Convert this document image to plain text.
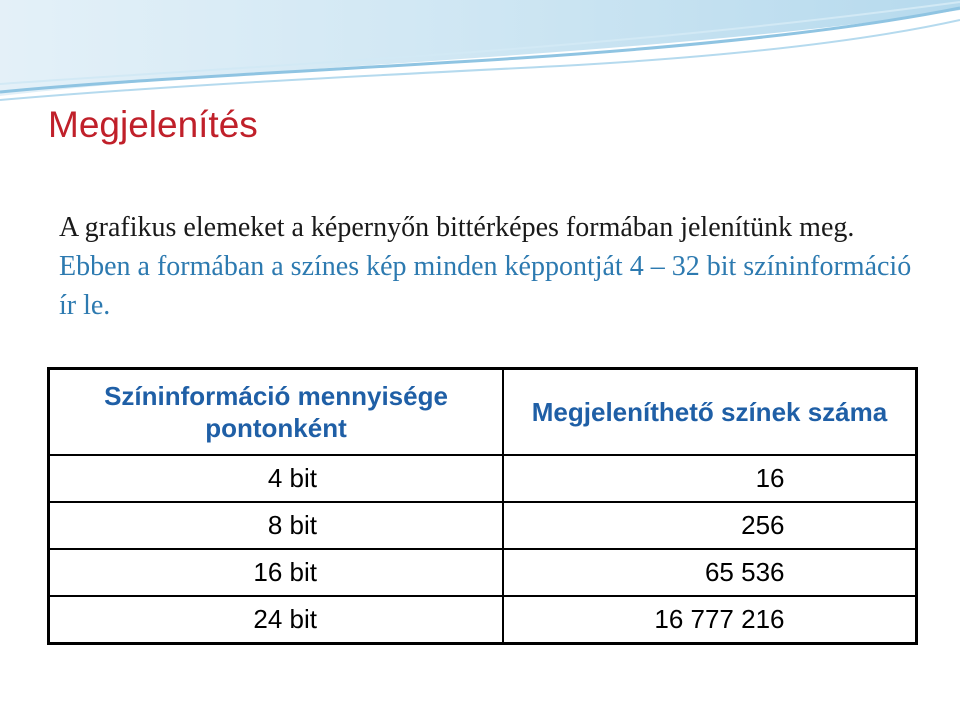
Megjelenítés

A grafikus elemeket a képernyőn bittérképes formában jelenítünk meg. Ebben a formában a színes kép minden képpontját 4 – 32 bit színinformáció ír le.

Színinformáció mennyisége pontonként	Megjeleníthető színek száma
4 bit	16
8 bit	256
16 bit	65 536
24 bit	16 777 216
